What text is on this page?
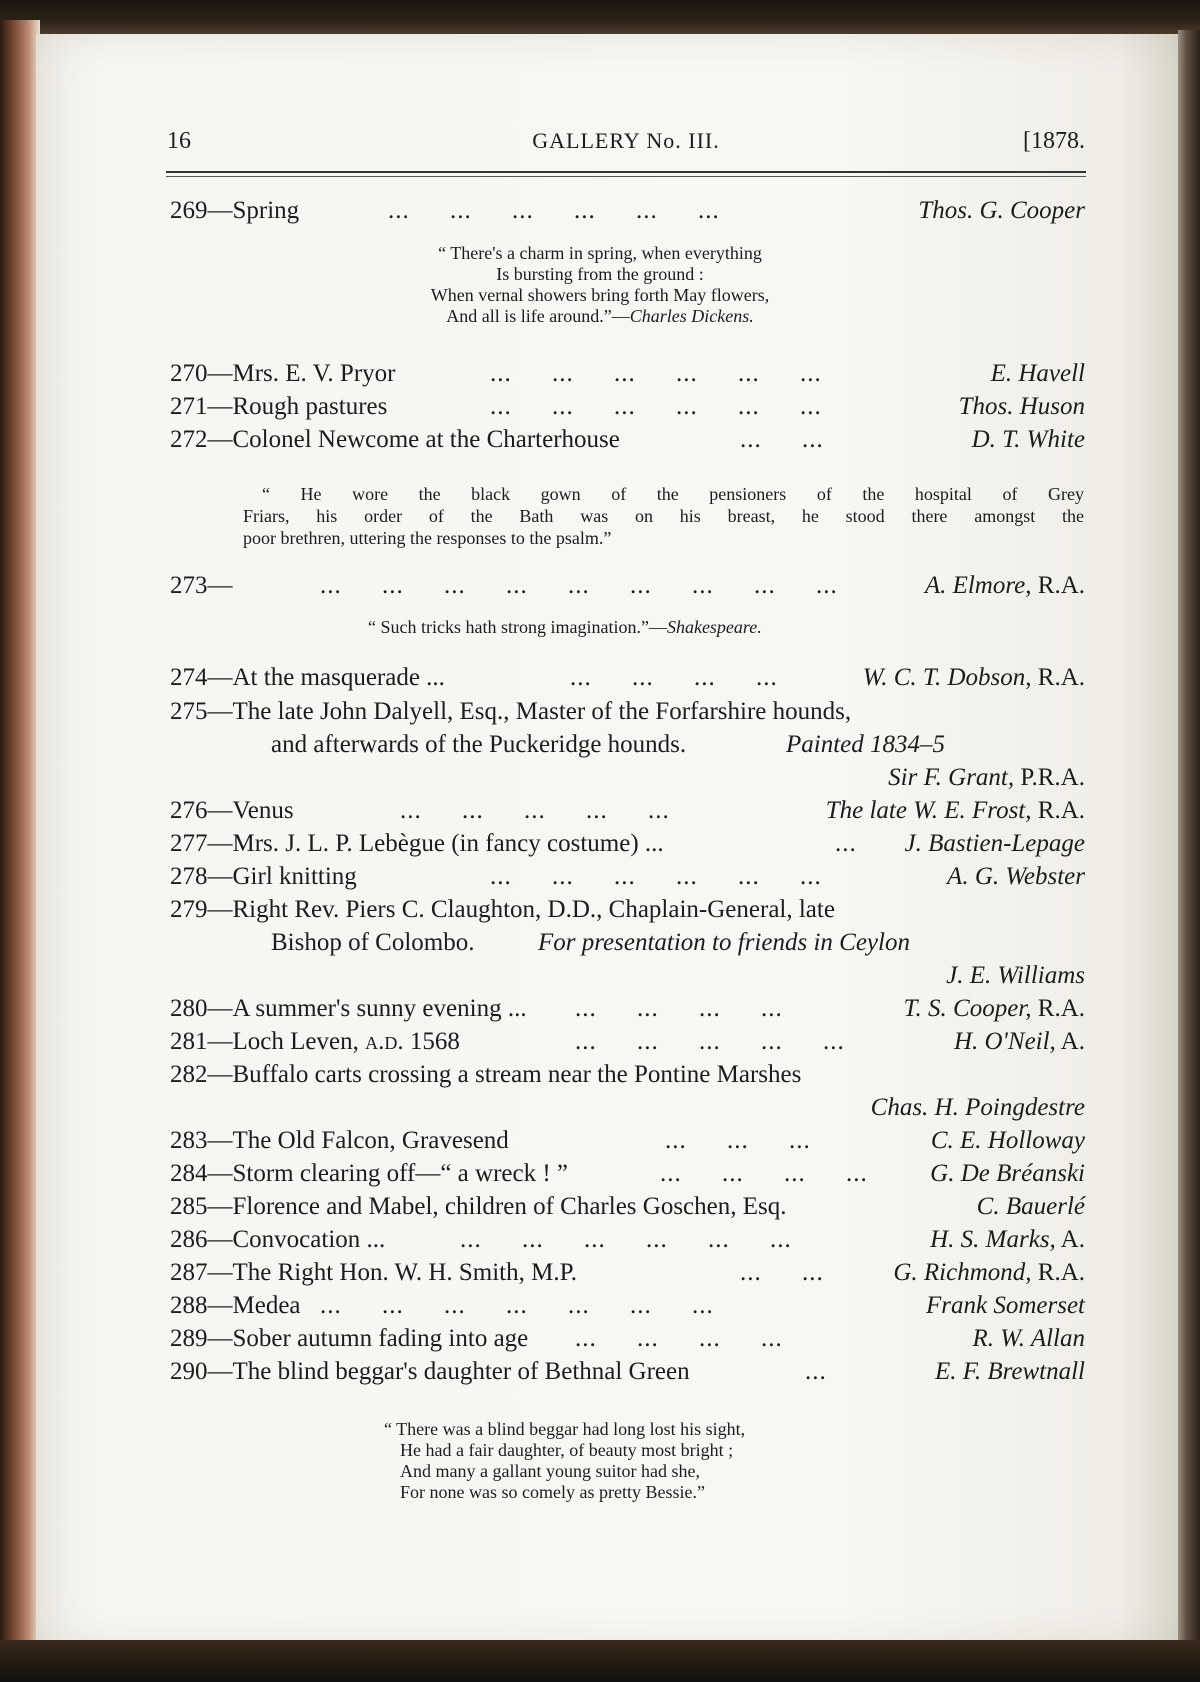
GALLERY No. III.
16	[1878.
269—Spring	... ... ... ... ... ...	Thos. G. Cooper
“ There's a charm in spring, when everything
Is bursting from the ground :
When vernal showers bring forth May flowers,
And all is life around.”—Charles Dickens.
270—Mrs. E. V. Pryor	... ... ... ... ... ...	E. Havell
271—Rough pastures	... ... ... ... ... ...	Thos. Huson
272—Colonel Newcome at the Charterhouse	... ...	D. T. White
“ He wore the black gown of the pensioners of the hospital of Grey
Friars, his order of the Bath was on his breast, he stood there amongst the
poor brethren, uttering the responses to the psalm.”
273—	... ... ... ... ... ... ... ... ...	A. Elmore, R.A.
“ Such tricks hath strong imagination.”—Shakespeare.
274—At the masquerade ...	... ... ... ...	W. C. T. Dobson, R.A.
275—The late John Dalyell, Esq., Master of the Forfarshire hounds,
and afterwards of the Puckeridge hounds.	Painted 1834–5
Sir F. Grant, P.R.A.
276—Venus	... ... ... ... ...	The late W. E. Frost, R.A.
277—Mrs. J. L. P. Lebègue (in fancy costume) ...	... J. Bastien-Lepage
278—Girl knitting	... ... ... ... ... ...	A. G. Webster
279—Right Rev. Piers C. Claughton, D.D., Chaplain-General, late
Bishop of Colombo.	For presentation to friends in Ceylon
J. E. Williams
280—A summer's sunny evening ... ... ... ... ...	T. S. Cooper, R.A.
281—Loch Leven, a.d. 1568	... ... ... ... ...	H. O'Neil, A.
282—Buffalo carts crossing a stream near the Pontine Marshes
Chas. H. Poingdestre
283—The Old Falcon, Gravesend	... ... ...	C. E. Holloway
284—Storm clearing off—“ a wreck ! ”	... ... ... ... G. De Bréanski
285—Florence and Mabel, children of Charles Goschen, Esq.	C. Bauerlé
286—Convocation ...	... ... ... ... ... ...	H. S. Marks, A.
287—The Right Hon. W. H. Smith, M.P.	... ...	G. Richmond, R.A.
288—Medea ... ... ... ... ... ... ...	Frank Somerset
289—Sober autumn fading into age ... ... ... ...	R. W. Allan
290—The blind beggar's daughter of Bethnal Green	...	E. F. Brewtnall
“ There was a blind beggar had long lost his sight,
He had a fair daughter, of beauty most bright ;
And many a gallant young suitor had she,
For none was so comely as pretty Bessie.”
